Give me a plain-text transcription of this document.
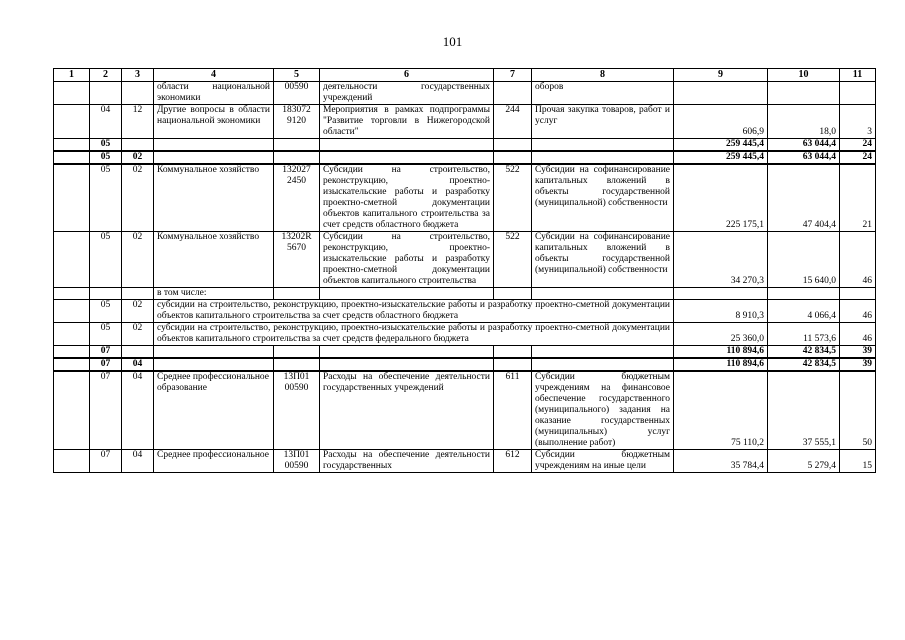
101
1	2	3	4	5	6	7	8	9	10	11
			области национальной экономики	00590	деятельности государственных учреждений		оборов			
	04	12	Другие вопросы в области национальной экономики	183072 9120	Мероприятия в рамках подпрограммы "Развитие торговли в Нижегородской области"	244	Прочая закупка товаров, работ и услуг	606,9	18,0	3
	05							259 445,4	63 044,4	24
	05	02						259 445,4	63 044,4	24
	05	02	Коммунальное хозяйство	132027 2450	Субсидии на строительство, реконструкцию, проектно-изыскательские работы и разработку проектно-сметной документации объектов капитального строительства за счет средств областного бюджета	522	Субсидии на софинансирование капитальных вложений в объекты государственной (муниципальной) собственности	225 175,1	47 404,4	21
	05	02	Коммунальное хозяйство	13202R 5670	Субсидии на строительство, реконструкцию, проектно-изыскательские работы и разработку проектно-сметной документации объектов капитального строительства	522	Субсидии на софинансирование капитальных вложений в объекты государственной (муниципальной) собственности	34 270,3	15 640,0	46
			в том числе:							
	05	02	субсидии на строительство, реконструкцию, проектно-изыскательские работы и разработку проектно-сметной документации объектов капитального строительства за счет средств областного бюджета					8 910,3	4 066,4	46
	05	02	субсидии на строительство, реконструкцию, проектно-изыскательские работы и разработку проектно-сметной документации объектов капитального строительства за счет средств федерального бюджета					25 360,0	11 573,6	46
	07							110 894,6	42 834,5	39
	07	04						110 894,6	42 834,5	39
	07	04	Среднее профессиональное образование	13П01 00590	Расходы на обеспечение деятельности государственных учреждений	611	Субсидии бюджетным учреждениям на финансовое обеспечение государственного (муниципального) задания на оказание государственных (муниципальных) услуг (выполнение работ)	75 110,2	37 555,1	50
	07	04	Среднее профессиональное	13П01 00590	Расходы на обеспечение деятельности государственных	612	Субсидии бюджетным учреждениям на иные цели	35 784,4	5 279,4	15
